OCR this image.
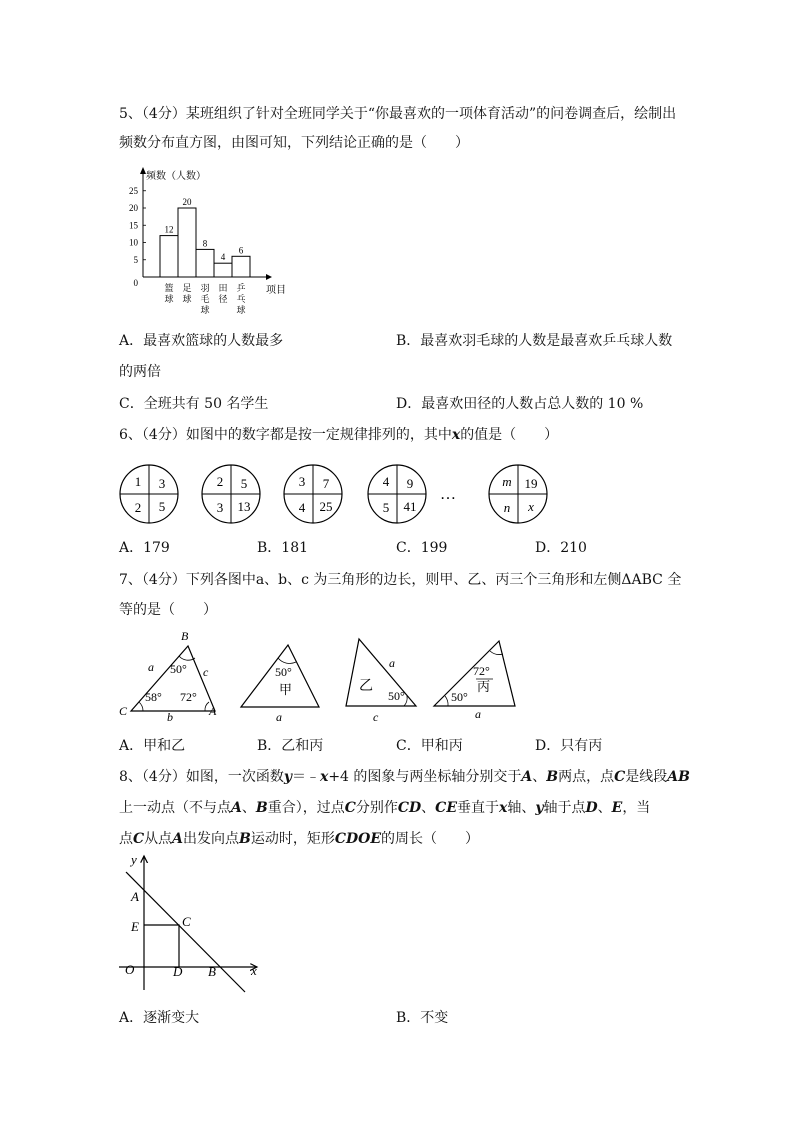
5、（4分）某班组织了针对全班同学关于“你最喜欢的一项体育活动”的问卷调查后，绘制出
频数分布直方图，由图可知，下列结论正确的是（　　）
0
5
10
15
20
25
12
20
8
4
6
篮
球
足
球
羽
毛
球
田
径
乒
乓
球
频数（人数）
项目
A．最喜欢篮球的人数最多	B．最喜欢羽毛球的人数是最喜欢乒乓球人数
的两倍
C．全班共有 50 名学生	D．最喜欢田径的人数占总人数的 10 %
6、（4分）如图中的数字都是按一定规律排列的，其中x的值是（　　）
1 3
2 5
2 5
3 13
3 7
4 25
4 9
5 41
m 19
n x
…
A．179	B．181	C．199	D．210
7、（4分）下列各图中a、b、c 为三角形的边长，则甲、乙、丙三个三角形和左侧ΔABC 全
等的是（　　）
B
C	A
a	c
b
50°
58° 72°
50°
甲
a
乙
a
50°
c
72°
丙
50°
a
A．甲和乙	B．乙和丙	C．甲和丙	D．只有丙
8、（4分）如图，一次函数y＝﹣x+4 的图象与两坐标轴分别交于A、B两点，点C是线段AB
上一动点（不与点A、B重合），过点C分别作CD、CE垂直于x轴、y轴于点D、E，当
点C从点A出发向点B运动时，矩形CDOE的周长（　　）
y
x
O
A
E	C
D B
A．逐渐变大	B．不变
